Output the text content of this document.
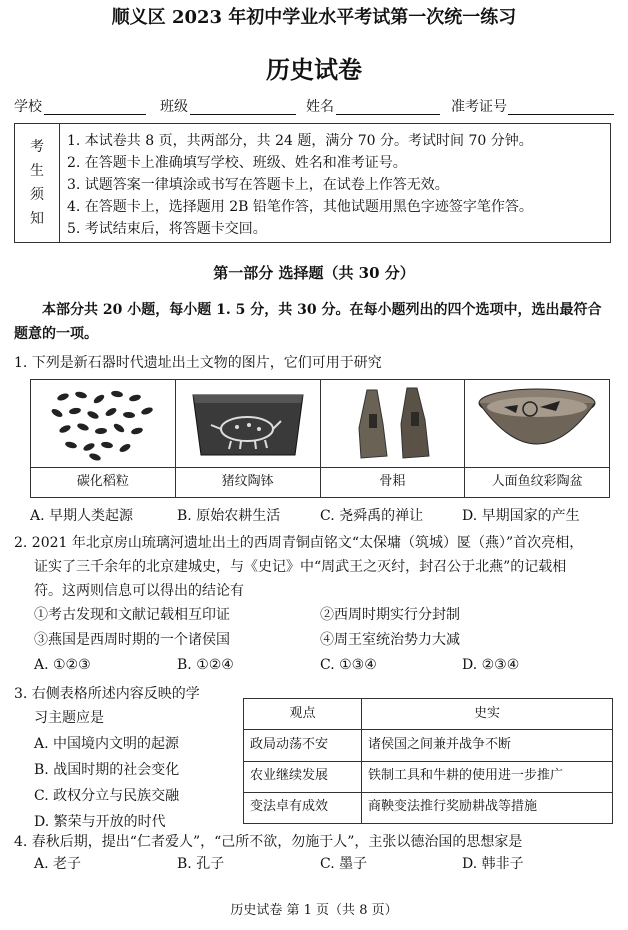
顺义区 2023 年初中学业水平考试第一次统一练习
历史试卷
学校	班级	姓名	准考证号
考
生
须
知
1. 本试卷共 8 页，共两部分，共 24 题，满分 70 分。考试时间 70 分钟。
2. 在答题卡上准确填写学校、班级、姓名和准考证号。
3. 试题答案一律填涂或书写在答题卡上，在试卷上作答无效。
4. 在答题卡上，选择题用 2B 铅笔作答，其他试题用黑色字迹签字笔作答。
5. 考试结束后，将答题卡交回。
第一部分 选择题（共 30 分）
本部分共 20 小题，每小题 1. 5 分，共 30 分。在每小题列出的四个选项中，选出最符合题意的一项。
1. 下列是新石器时代遗址出土文物的图片，它们可用于研究
碳化稻粒	猪纹陶钵	骨耜	人面鱼纹彩陶盆
A. 早期人类起源	B. 原始农耕生活	C. 尧舜禹的禅让	D. 早期国家的产生
2. 2021 年北京房山琉璃河遗址出土的西周青铜卣铭文“太保墉（筑城）匽（燕）”首次亮相，
证实了三千余年的北京建城史，与《史记》中“周武王之灭纣，封召公于北燕”的记载相
符。这两则信息可以得出的结论有
①考古发现和文献记载相互印证	②西周时期实行分封制
③燕国是西周时期的一个诸侯国	④周王室统治势力大减
A. ①②③	B. ①②④	C. ①③④	D. ②③④
3. 右侧表格所述内容反映的学
习主题应是
A. 中国境内文明的起源
B. 战国时期的社会变化
C. 政权分立与民族交融
D. 繁荣与开放的时代
观点	史实
政局动荡不安	诸侯国之间兼并战争不断
农业继续发展	铁制工具和牛耕的使用进一步推广
变法卓有成效	商鞅变法推行奖励耕战等措施
4. 春秋后期，提出“仁者爱人”，“己所不欲，勿施于人”，主张以德治国的思想家是
A. 老子	B. 孔子	C. 墨子	D. 韩非子
历史试卷 第 1 页（共 8 页）
